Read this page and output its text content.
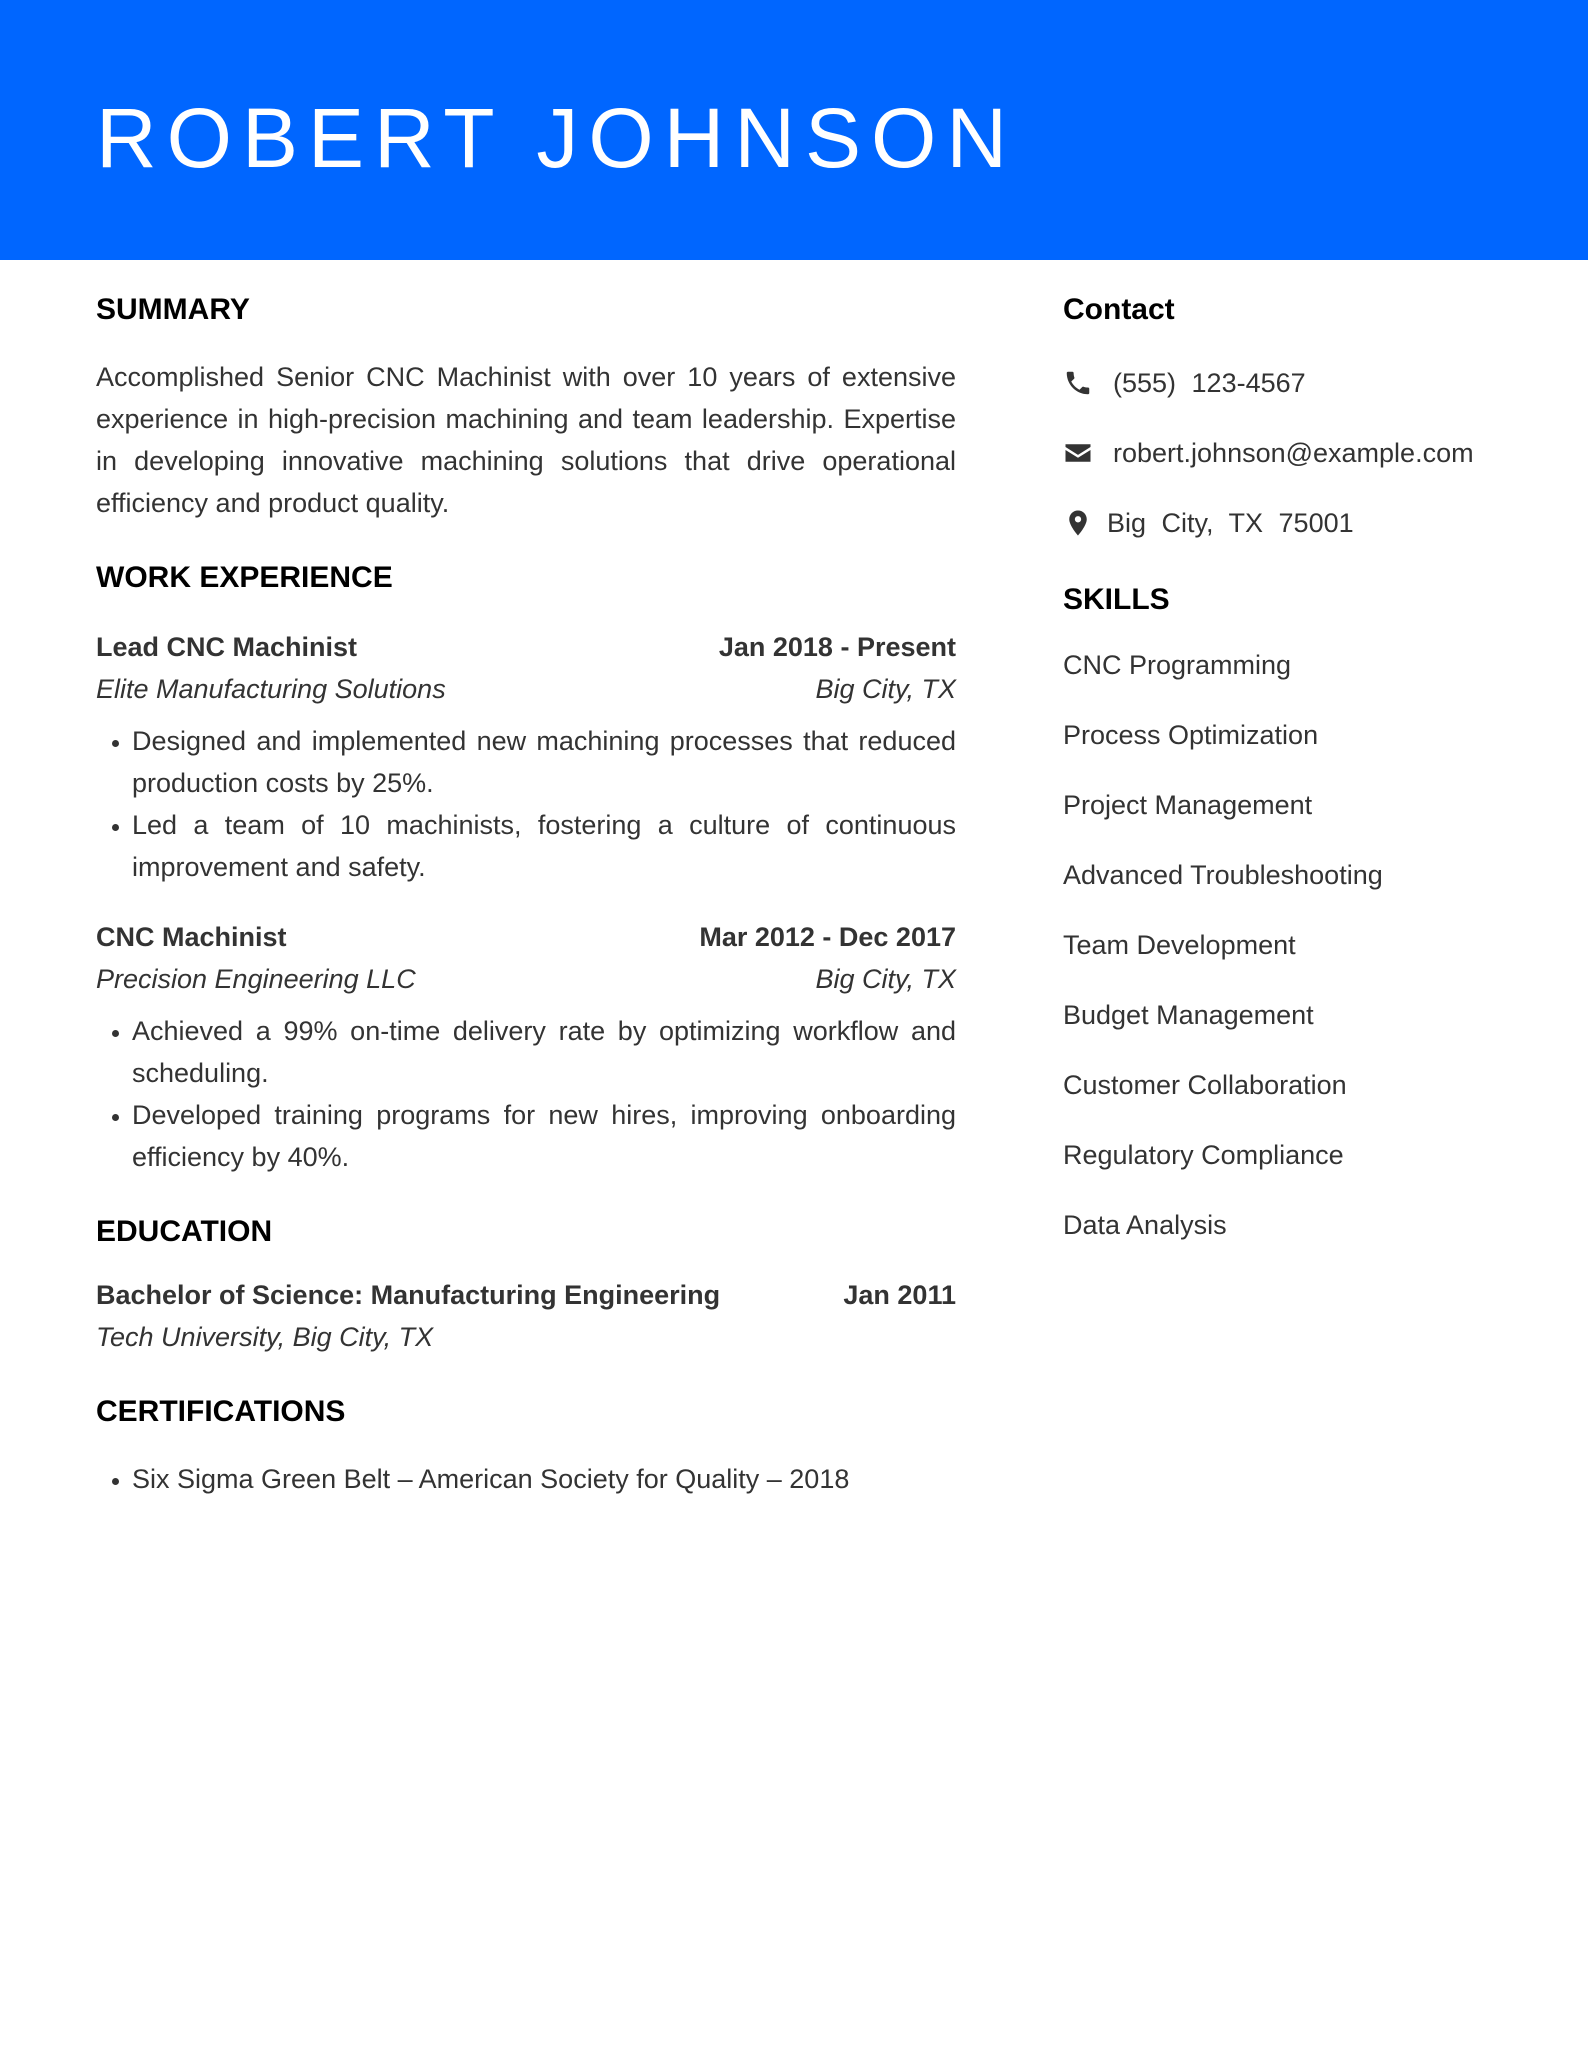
ROBERT JOHNSON
SUMMARY

Accomplished Senior CNC Machinist with over 10 years of extensive experience in high-precision machining and team leadership. Expertise in developing innovative machining solutions that drive operational efficiency and product quality.

WORK EXPERIENCE
Lead CNC Machinist	Jan 2018 - Present
Elite Manufacturing Solutions	Big City, TX
• Designed and implemented new machining processes that reduced production costs by 25%.
• Led a team of 10 machinists, fostering a culture of continuous improvement and safety.
CNC Machinist	Mar 2012 - Dec 2017
Precision Engineering LLC	Big City, TX
• Achieved a 99% on-time delivery rate by optimizing workflow and scheduling.
• Developed training programs for new hires, improving onboarding efficiency by 40%.
EDUCATION
Bachelor of Science: Manufacturing Engineering	Jan 2011
Tech University, Big City, TX
CERTIFICATIONS
• Six Sigma Green Belt – American Society for Quality – 2018
Contact
(555) 123-4567
robert.johnson@example.com
Big City, TX 75001
SKILLS
CNC Programming
Process Optimization
Project Management
Advanced Troubleshooting
Team Development
Budget Management
Customer Collaboration
Regulatory Compliance
Data Analysis
